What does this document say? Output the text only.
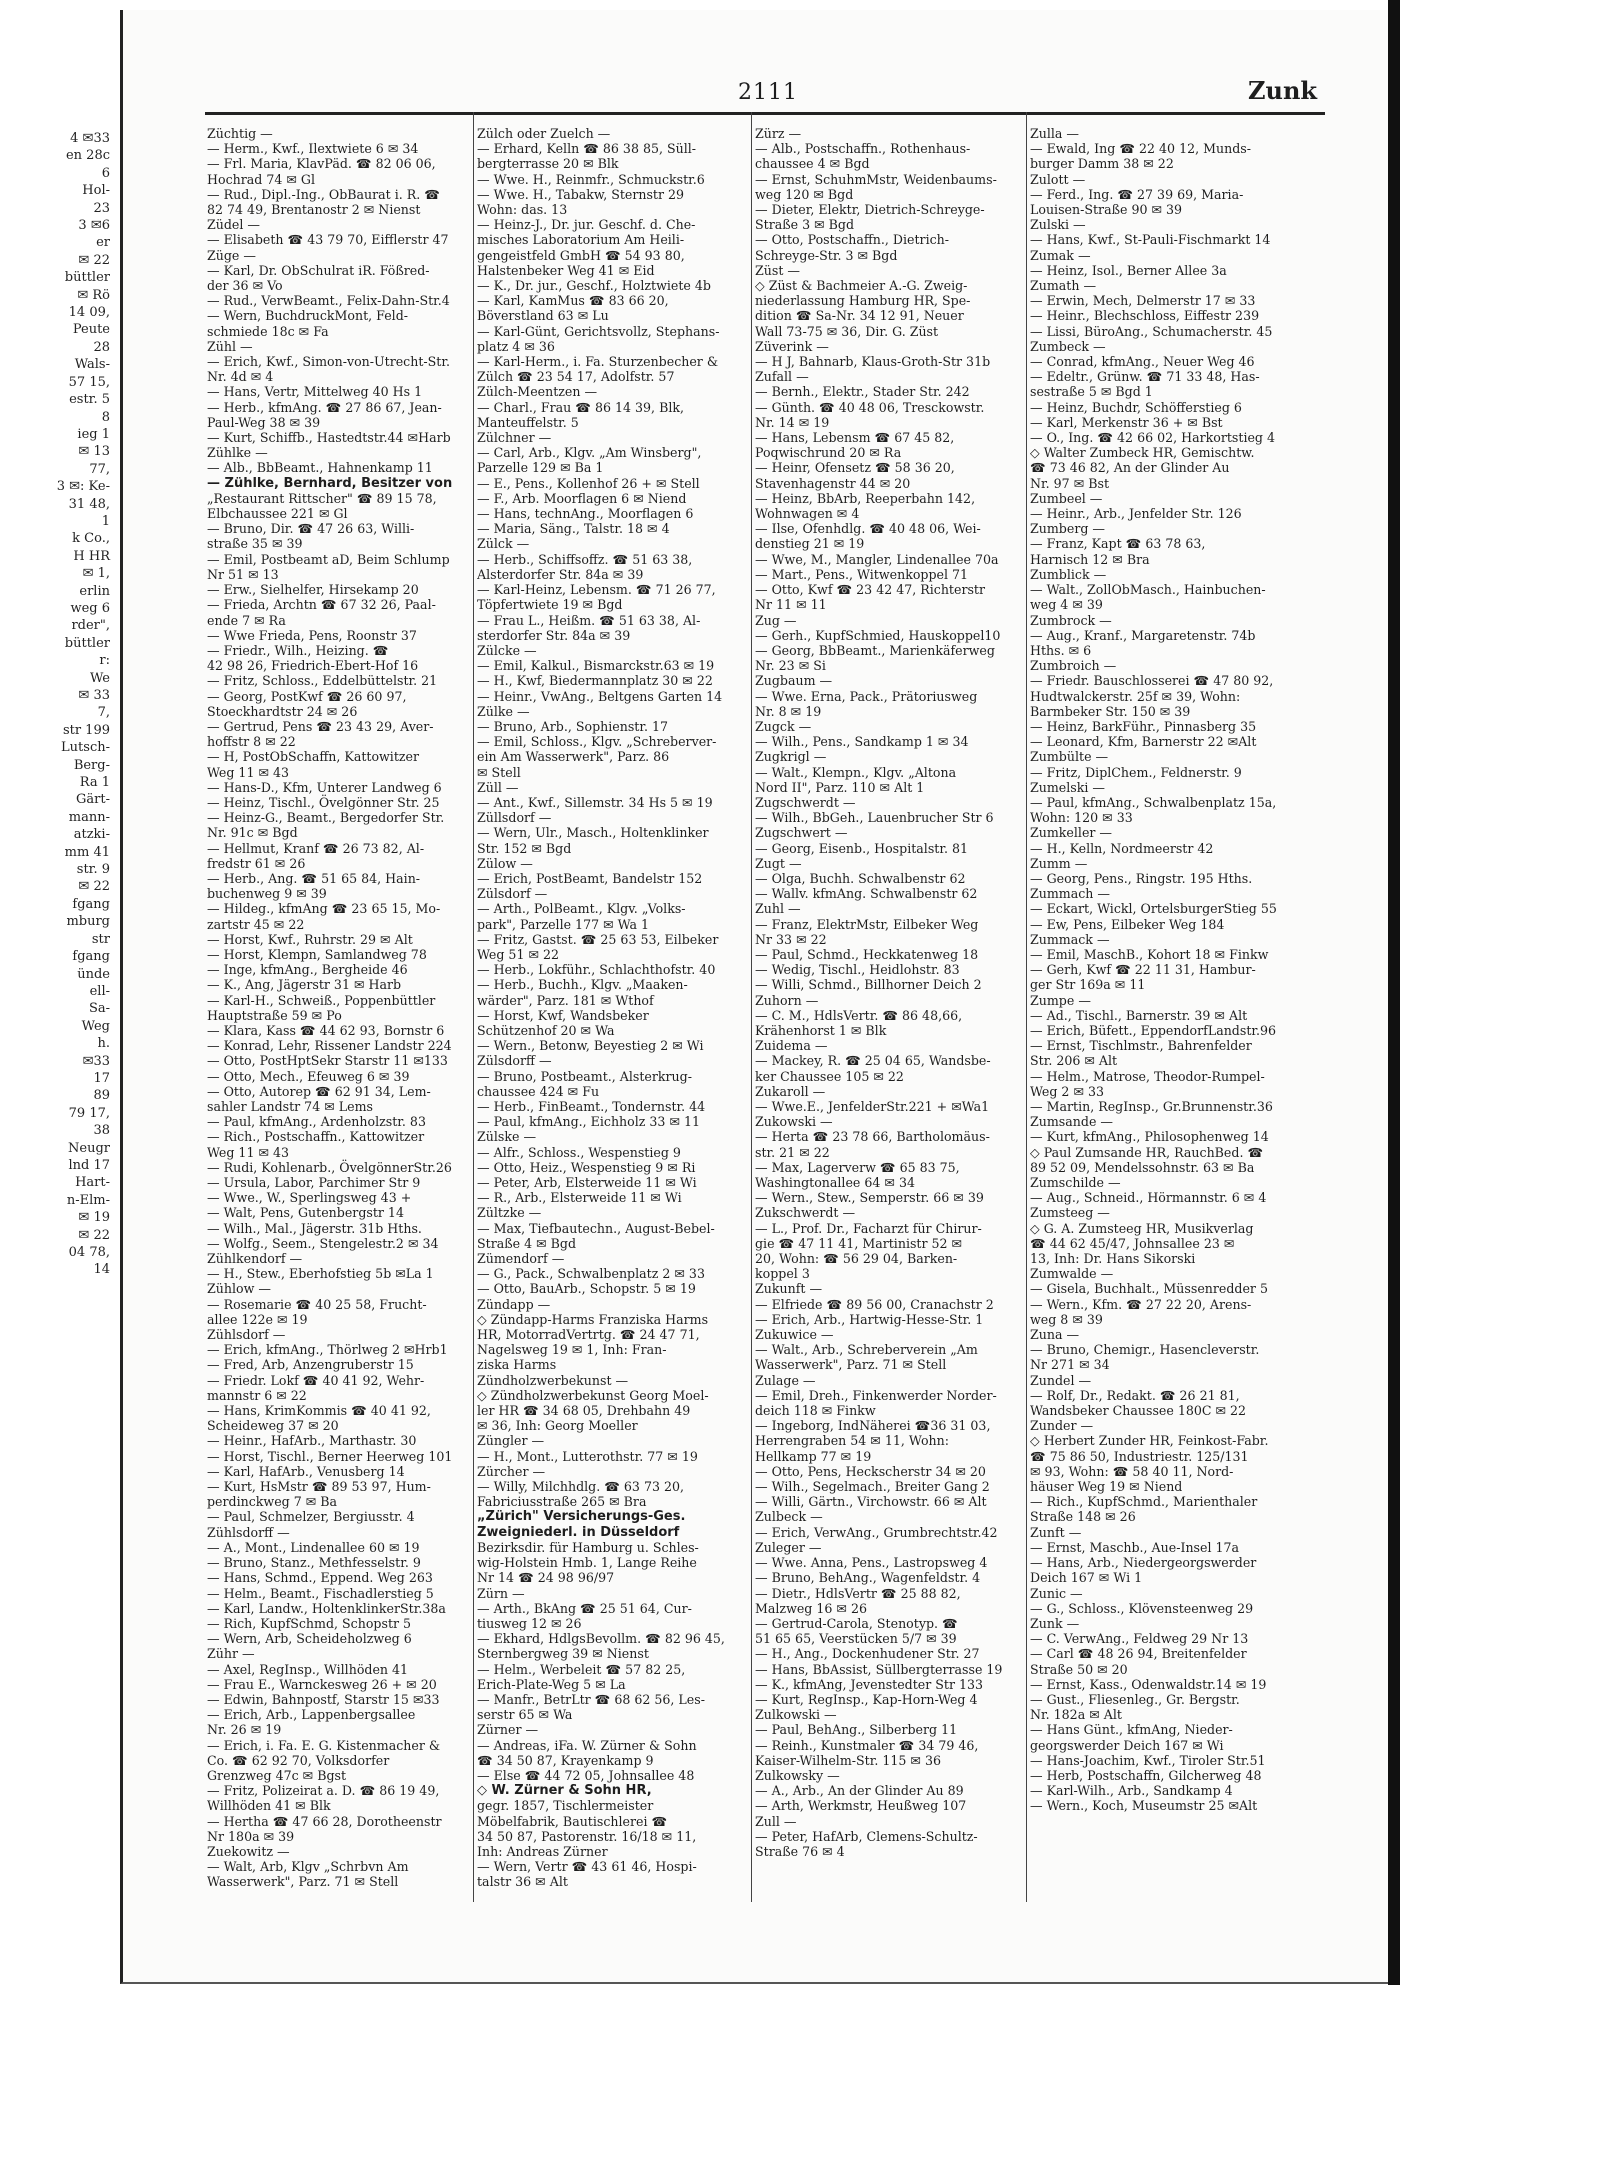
4 ✉33
en 28c
6
Hol-
23
3 ✉6
er
✉ 22
büttler
✉ Rö
14 09,
Peute
28
Wals-
57 15,
estr. 5
8
ieg 1
✉ 13
77,
3 ✉: Ke-
31 48,
1
k Co.,
H HR
✉ 1,
erlin
weg 6
rder",
büttler
r:
We
✉ 33
7,
str 199
Lutsch-
Berg-
Ra 1
Gärt-
mann-
atzki-
mm 41
str. 9
✉ 22
fgang
mburg
str
fgang
ünde
ell-
Sa-
Weg
h.
✉33
17
89
79 17,
38
Neugr
lnd 17
Hart-
n-Elm-
✉ 19
✉ 22
04 78,
14
2111	Zunk
Züchtig —
— Herm., Kwf., Ilextwiete 6 ✉ 34
— Frl. Maria, KlavPäd. ☎ 82 06 06,
Hochrad 74 ✉ Gl
— Rud., Dipl.-Ing., ObBaurat i. R. ☎
82 74 49, Brentanostr 2 ✉ Nienst
Züdel —
— Elisabeth ☎ 43 79 70, Eifflerstr 47
Züge —
— Karl, Dr. ObSchulrat iR. Fößred-
der 36 ✉ Vo
— Rud., VerwBeamt., Felix-Dahn-Str.4
— Wern, BuchdruckMont, Feld-
schmiede 18c ✉ Fa
Zühl —
— Erich, Kwf., Simon-von-Utrecht-Str.
Nr. 4d ✉ 4
— Hans, Vertr, Mittelweg 40 Hs 1
— Herb., kfmAng. ☎ 27 86 67, Jean-
Paul-Weg 38 ✉ 39
— Kurt, Schiffb., Hastedtstr.44 ✉Harb
Zühlke —
— Alb., BbBeamt., Hahnenkamp 11
— Zühlke, Bernhard, Besitzer von
„Restaurant Rittscher" ☎ 89 15 78,
Elbchaussee 221 ✉ Gl
— Bruno, Dir. ☎ 47 26 63, Willi-
straße 35 ✉ 39
— Emil, Postbeamt aD, Beim Schlump
Nr 51 ✉ 13
— Erw., Sielhelfer, Hirsekamp 20
— Frieda, Archtn ☎ 67 32 26, Paal-
ende 7 ✉ Ra
— Wwe Frieda, Pens, Roonstr 37
— Friedr., Wilh., Heizing. ☎
42 98 26, Friedrich-Ebert-Hof 16
— Fritz, Schloss., Eddelbüttelstr. 21
— Georg, PostKwf ☎ 26 60 97,
Stoeckhardtstr 24 ✉ 26
— Gertrud, Pens ☎ 23 43 29, Aver-
hoffstr 8 ✉ 22
— H, PostObSchaffn, Kattowitzer
Weg 11 ✉ 43
— Hans-D., Kfm, Unterer Landweg 6
— Heinz, Tischl., Övelgönner Str. 25
— Heinz-G., Beamt., Bergedorfer Str.
Nr. 91c ✉ Bgd
— Hellmut, Kranf ☎ 26 73 82, Al-
fredstr 61 ✉ 26
— Herb., Ang. ☎ 51 65 84, Hain-
buchenweg 9 ✉ 39
— Hildeg., kfmAng ☎ 23 65 15, Mo-
zartstr 45 ✉ 22
— Horst, Kwf., Ruhrstr. 29 ✉ Alt
— Horst, Klempn, Samlandweg 78
— Inge, kfmAng., Bergheide 46
— K., Ang, Jägerstr 31 ✉ Harb
— Karl-H., Schweiß., Poppenbüttler
Hauptstraße 59 ✉ Po
— Klara, Kass ☎ 44 62 93, Bornstr 6
— Konrad, Lehr, Rissener Landstr 224
— Otto, PostHptSekr Starstr 11 ✉133
— Otto, Mech., Efeuweg 6 ✉ 39
— Otto, Autorep ☎ 62 91 34, Lem-
sahler Landstr 74 ✉ Lems
— Paul, kfmAng., Ardenholzstr. 83
— Rich., Postschaffn., Kattowitzer
Weg 11 ✉ 43
— Rudi, Kohlenarb., ÖvelgönnerStr.26
— Ursula, Labor, Parchimer Str 9
— Wwe., W., Sperlingsweg 43 +
— Walt, Pens, Gutenbergstr 14
— Wilh., Mal., Jägerstr. 31b Hths.
— Wolfg., Seem., Stengelestr.2 ✉ 34
Zühlkendorf —
— H., Stew., Eberhofstieg 5b ✉La 1
Zühlow —
— Rosemarie ☎ 40 25 58, Frucht-
allee 122e ✉ 19
Zühlsdorf —
— Erich, kfmAng., Thörlweg 2 ✉Hrb1
— Fred, Arb, Anzengruberstr 15
— Friedr. Lokf ☎ 40 41 92, Wehr-
mannstr 6 ✉ 22
— Hans, KrimKommis ☎ 40 41 92,
Scheideweg 37 ✉ 20
— Heinr., HafArb., Marthastr. 30
— Horst, Tischl., Berner Heerweg 101
— Karl, HafArb., Venusberg 14
— Kurt, HsMstr ☎ 89 53 97, Hum-
perdinckweg 7 ✉ Ba
— Paul, Schmelzer, Bergiusstr. 4
Zühlsdorff —
— A., Mont., Lindenallee 60 ✉ 19
— Bruno, Stanz., Methfesselstr. 9
— Hans, Schmd., Eppend. Weg 263
— Helm., Beamt., Fischadlerstieg 5
— Karl, Landw., HoltenklinkerStr.38a
— Rich, KupfSchmd, Schopstr 5
— Wern, Arb, Scheideholzweg 6
Zühr —
— Axel, RegInsp., Willhöden 41
— Frau E., Warnckesweg 26 + ✉ 20
— Edwin, Bahnpostf, Starstr 15 ✉33
— Erich, Arb., Lappenbergsallee
Nr. 26 ✉ 19
— Erich, i. Fa. E. G. Kistenmacher &
Co. ☎ 62 92 70, Volksdorfer
Grenzweg 47c ✉ Bgst
— Fritz, Polizeirat a. D. ☎ 86 19 49,
Willhöden 41 ✉ Blk
— Hertha ☎ 47 66 28, Dorotheenstr
Nr 180a ✉ 39
Zuekowitz —
— Walt, Arb, Klgv „Schrbvn Am
Wasserwerk", Parz. 71 ✉ Stell
Zülch oder Zuelch —
— Erhard, Kelln ☎ 86 38 85, Süll-
bergterrasse 20 ✉ Blk
— Wwe. H., Reinmfr., Schmuckstr.6
— Wwe. H., Tabakw, Sternstr 29
Wohn: das. 13
— Heinz-J., Dr. jur. Geschf. d. Che-
misches Laboratorium Am Heili-
gengeistfeld GmbH ☎ 54 93 80,
Halstenbeker Weg 41 ✉ Eid
— K., Dr. jur., Geschf., Holztwiete 4b
— Karl, KamMus ☎ 83 66 20,
Böverstland 63 ✉ Lu
— Karl-Günt, Gerichtsvollz, Stephans-
platz 4 ✉ 36
— Karl-Herm., i. Fa. Sturzenbecher &
Zülch ☎ 23 54 17, Adolfstr. 57
Zülch-Meentzen —
— Charl., Frau ☎ 86 14 39, Blk,
Manteuffelstr. 5
Zülchner —
— Carl, Arb., Klgv. „Am Winsberg",
Parzelle 129 ✉ Ba 1
— E., Pens., Kollenhof 26 + ✉ Stell
— F., Arb. Moorflagen 6 ✉ Niend
— Hans, technAng., Moorflagen 6
— Maria, Säng., Talstr. 18 ✉ 4
Zülck —
— Herb., Schiffsoffz. ☎ 51 63 38,
Alsterdorfer Str. 84a ✉ 39
— Karl-Heinz, Lebensm. ☎ 71 26 77,
Töpfertwiete 19 ✉ Bgd
— Frau L., Heißm. ☎ 51 63 38, Al-
sterdorfer Str. 84a ✉ 39
Zülcke —
— Emil, Kalkul., Bismarckstr.63 ✉ 19
— H., Kwf, Biedermannplatz 30 ✉ 22
— Heinr., VwAng., Beltgens Garten 14
Zülke —
— Bruno, Arb., Sophienstr. 17
— Emil, Schloss., Klgv. „Schreberver-
ein Am Wasserwerk", Parz. 86
✉ Stell
Züll —
— Ant., Kwf., Sillemstr. 34 Hs 5 ✉ 19
Züllsdorf —
— Wern, Ulr., Masch., Holtenklinker
Str. 152 ✉ Bgd
Zülow —
— Erich, PostBeamt, Bandelstr 152
Zülsdorf —
— Arth., PolBeamt., Klgv. „Volks-
park", Parzelle 177 ✉ Wa 1
— Fritz, Gastst. ☎ 25 63 53, Eilbeker
Weg 51 ✉ 22
— Herb., Lokführ., Schlachthofstr. 40
— Herb., Buchh., Klgv. „Maaken-
wärder", Parz. 181 ✉ Wthof
— Horst, Kwf, Wandsbeker
Schützenhof 20 ✉ Wa
— Wern., Betonw, Beyestieg 2 ✉ Wi
Zülsdorff —
— Bruno, Postbeamt., Alsterkrug-
chaussee 424 ✉ Fu
— Herb., FinBeamt., Tondernstr. 44
— Paul, kfmAng., Eichholz 33 ✉ 11
Zülske —
— Alfr., Schloss., Wespenstieg 9
— Otto, Heiz., Wespenstieg 9 ✉ Ri
— Peter, Arb, Elsterweide 11 ✉ Wi
— R., Arb., Elsterweide 11 ✉ Wi
Zültzke —
— Max, Tiefbautechn., August-Bebel-
Straße 4 ✉ Bgd
Zümendorf —
— G., Pack., Schwalbenplatz 2 ✉ 33
— Otto, BauArb., Schopstr. 5 ✉ 19
Zündapp —
◇ Zündapp-Harms Franziska Harms
HR, MotorradVertrtg. ☎ 24 47 71,
Nagelsweg 19 ✉ 1, Inh: Fran-
ziska Harms
Zündholzwerbekunst —
◇ Zündholzwerbekunst Georg Moel-
ler HR ☎ 34 68 05, Drehbahn 49
✉ 36, Inh: Georg Moeller
Züngler —
— H., Mont., Lutterothstr. 77 ✉ 19
Zürcher —
— Willy, Milchhdlg. ☎ 63 73 20,
Fabriciusstraße 265 ✉ Bra
„Zürich" Versicherungs-Ges.
Zweigniederl. in Düsseldorf
Bezirksdir. für Hamburg u. Schles-
wig-Holstein Hmb. 1, Lange Reihe
Nr 14 ☎ 24 98 96/97
Zürn —
— Arth., BkAng ☎ 25 51 64, Cur-
tiusweg 12 ✉ 26
— Ekhard, HdlgsBevollm. ☎ 82 96 45,
Sternbergweg 39 ✉ Nienst
— Helm., Werbeleit ☎ 57 82 25,
Erich-Plate-Weg 5 ✉ La
— Manfr., BetrLtr ☎ 68 62 56, Les-
serstr 65 ✉ Wa
Zürner —
— Andreas, iFa. W. Zürner & Sohn
☎ 34 50 87, Krayenkamp 9
— Else ☎ 44 72 05, Johnsallee 48
◇ W. Zürner & Sohn HR,
gegr. 1857, Tischlermeister
Möbelfabrik, Bautischlerei ☎
34 50 87, Pastorenstr. 16/18 ✉ 11,
Inh: Andreas Zürner
— Wern, Vertr ☎ 43 61 46, Hospi-
talstr 36 ✉ Alt
Zürz —
— Alb., Postschaffn., Rothenhaus-
chaussee 4 ✉ Bgd
— Ernst, SchuhmMstr, Weidenbaums-
weg 120 ✉ Bgd
— Dieter, Elektr, Dietrich-Schreyge-
Straße 3 ✉ Bgd
— Otto, Postschaffn., Dietrich-
Schreyge-Str. 3 ✉ Bgd
Züst —
◇ Züst & Bachmeier A.-G. Zweig-
niederlassung Hamburg HR, Spe-
dition ☎ Sa-Nr. 34 12 91, Neuer
Wall 73-75 ✉ 36, Dir. G. Züst
Züverink —
— H J, Bahnarb, Klaus-Groth-Str 31b
Zufall —
— Bernh., Elektr., Stader Str. 242
— Günth. ☎ 40 48 06, Tresckowstr.
Nr. 14 ✉ 19
— Hans, Lebensm ☎ 67 45 82,
Poqwischrund 20 ✉ Ra
— Heinr, Ofensetz ☎ 58 36 20,
Stavenhagenstr 44 ✉ 20
— Heinz, BbArb, Reeperbahn 142,
Wohnwagen ✉ 4
— Ilse, Ofenhdlg. ☎ 40 48 06, Wei-
denstieg 21 ✉ 19
— Wwe, M., Mangler, Lindenallee 70a
— Mart., Pens., Witwenkoppel 71
— Otto, Kwf ☎ 23 42 47, Richterstr
Nr 11 ✉ 11
Zug —
— Gerh., KupfSchmied, Hauskoppel10
— Georg, BbBeamt., Marienkäferweg
Nr. 23 ✉ Si
Zugbaum —
— Wwe. Erna, Pack., Prätoriusweg
Nr. 8 ✉ 19
Zugck —
— Wilh., Pens., Sandkamp 1 ✉ 34
Zugkrigl —
— Walt., Klempn., Klgv. „Altona
Nord II", Parz. 110 ✉ Alt 1
Zugschwerdt —
— Wilh., BbGeh., Lauenbrucher Str 6
Zugschwert —
— Georg, Eisenb., Hospitalstr. 81
Zugt —
— Olga, Buchh. Schwalbenstr 62
— Wallv. kfmAng. Schwalbenstr 62
Zuhl —
— Franz, ElektrMstr, Eilbeker Weg
Nr 33 ✉ 22
— Paul, Schmd., Heckkatenweg 18
— Wedig, Tischl., Heidlohstr. 83
— Willi, Schmd., Billhorner Deich 2
Zuhorn —
— C. M., HdlsVertr. ☎ 86 48,66,
Krähenhorst 1 ✉ Blk
Zuidema —
— Mackey, R. ☎ 25 04 65, Wandsbe-
ker Chaussee 105 ✉ 22
Zukaroll —
— Wwe.E., JenfelderStr.221 + ✉Wa1
Zukowski —
— Herta ☎ 23 78 66, Bartholomäus-
str. 21 ✉ 22
— Max, Lagerverw ☎ 65 83 75,
Washingtonallee 64 ✉ 34
— Wern., Stew., Semperstr. 66 ✉ 39
Zukschwerdt —
— L., Prof. Dr., Facharzt für Chirur-
gie ☎ 47 11 41, Martinistr 52 ✉
20, Wohn: ☎ 56 29 04, Barken-
koppel 3
Zukunft —
— Elfriede ☎ 89 56 00, Cranachstr 2
— Erich, Arb., Hartwig-Hesse-Str. 1
Zukuwice —
— Walt., Arb., Schreberverein „Am
Wasserwerk", Parz. 71 ✉ Stell
Zulage —
— Emil, Dreh., Finkenwerder Norder-
deich 118 ✉ Finkw
— Ingeborg, IndNäherei ☎36 31 03,
Herrengraben 54 ✉ 11, Wohn:
Hellkamp 77 ✉ 19
— Otto, Pens, Heckscherstr 34 ✉ 20
— Wilh., Segelmach., Breiter Gang 2
— Willi, Gärtn., Virchowstr. 66 ✉ Alt
Zulbeck —
— Erich, VerwAng., Grumbrechtstr.42
Zuleger —
— Wwe. Anna, Pens., Lastropsweg 4
— Bruno, BehAng., Wagenfeldstr. 4
— Dietr., HdlsVertr ☎ 25 88 82,
Malzweg 16 ✉ 26
— Gertrud-Carola, Stenotyp. ☎
51 65 65, Veerstücken 5/7 ✉ 39
— H., Ang., Dockenhudener Str. 27
— Hans, BbAssist, Süllbergterrasse 19
— K., kfmAng, Jevenstedter Str 133
— Kurt, RegInsp., Kap-Horn-Weg 4
Zulkowski —
— Paul, BehAng., Silberberg 11
— Reinh., Kunstmaler ☎ 34 79 46,
Kaiser-Wilhelm-Str. 115 ✉ 36
Zulkowsky —
— A., Arb., An der Glinder Au 89
— Arth, Werkmstr, Heußweg 107
Zull —
— Peter, HafArb, Clemens-Schultz-
Straße 76 ✉ 4
Zulla —
— Ewald, Ing ☎ 22 40 12, Munds-
burger Damm 38 ✉ 22
Zulott —
— Ferd., Ing. ☎ 27 39 69, Maria-
Louisen-Straße 90 ✉ 39
Zulski —
— Hans, Kwf., St-Pauli-Fischmarkt 14
Zumak —
— Heinz, Isol., Berner Allee 3a
Zumath —
— Erwin, Mech, Delmerstr 17 ✉ 33
— Heinr., Blechschloss, Eiffestr 239
— Lissi, BüroAng., Schumacherstr. 45
Zumbeck —
— Conrad, kfmAng., Neuer Weg 46
— Edeltr., Grünw. ☎ 71 33 48, Has-
sestraße 5 ✉ Bgd 1
— Heinz, Buchdr, Schöfferstieg 6
— Karl, Merkenstr 36 + ✉ Bst
— O., Ing. ☎ 42 66 02, Harkortstieg 4
◇ Walter Zumbeck HR, Gemischtw.
☎ 73 46 82, An der Glinder Au
Nr. 97 ✉ Bst
Zumbeel —
— Heinr., Arb., Jenfelder Str. 126
Zumberg —
— Franz, Kapt ☎ 63 78 63,
Harnisch 12 ✉ Bra
Zumblick —
— Walt., ZollObMasch., Hainbuchen-
weg 4 ✉ 39
Zumbrock —
— Aug., Kranf., Margaretenstr. 74b
Hths. ✉ 6
Zumbroich —
— Friedr. Bauschlosserei ☎ 47 80 92,
Hudtwalckerstr. 25f ✉ 39, Wohn:
Barmbeker Str. 150 ✉ 39
— Heinz, BarkFühr., Pinnasberg 35
— Leonard, Kfm, Barnerstr 22 ✉Alt
Zumbülte —
— Fritz, DiplChem., Feldnerstr. 9
Zumelski —
— Paul, kfmAng., Schwalbenplatz 15a,
Wohn: 120 ✉ 33
Zumkeller —
— H., Kelln, Nordmeerstr 42
Zumm —
— Georg, Pens., Ringstr. 195 Hths.
Zummach —
— Eckart, Wickl, OrtelsburgerStieg 55
— Ew, Pens, Eilbeker Weg 184
Zummack —
— Emil, MaschB., Kohort 18 ✉ Finkw
— Gerh, Kwf ☎ 22 11 31, Hambur-
ger Str 169a ✉ 11
Zumpe —
— Ad., Tischl., Barnerstr. 39 ✉ Alt
— Erich, Büfett., EppendorfLandstr.96
— Ernst, Tischlmstr., Bahrenfelder
Str. 206 ✉ Alt
— Helm., Matrose, Theodor-Rumpel-
Weg 2 ✉ 33
— Martin, RegInsp., Gr.Brunnenstr.36
Zumsande —
— Kurt, kfmAng., Philosophenweg 14
◇ Paul Zumsande HR, RauchBed. ☎
89 52 09, Mendelssohnstr. 63 ✉ Ba
Zumschilde —
— Aug., Schneid., Hörmannstr. 6 ✉ 4
Zumsteeg —
◇ G. A. Zumsteeg HR, Musikverlag
☎ 44 62 45/47, Johnsallee 23 ✉
13, Inh: Dr. Hans Sikorski
Zumwalde —
— Gisela, Buchhalt., Müssenredder 5
— Wern., Kfm. ☎ 27 22 20, Arens-
weg 8 ✉ 39
Zuna —
— Bruno, Chemigr., Hasencleverstr.
Nr 271 ✉ 34
Zundel —
— Rolf, Dr., Redakt. ☎ 26 21 81,
Wandsbeker Chaussee 180C ✉ 22
Zunder —
◇ Herbert Zunder HR, Feinkost-Fabr.
☎ 75 86 50, Industriestr. 125/131
✉ 93, Wohn: ☎ 58 40 11, Nord-
häuser Weg 19 ✉ Niend
— Rich., KupfSchmd., Marienthaler
Straße 148 ✉ 26
Zunft —
— Ernst, Maschb., Aue-Insel 17a
— Hans, Arb., Niedergeorgswerder
Deich 167 ✉ Wi 1
Zunic —
— G., Schloss., Klövensteenweg 29
Zunk —
— C. VerwAng., Feldweg 29 Nr 13
— Carl ☎ 48 26 94, Breitenfelder
Straße 50 ✉ 20
— Ernst, Kass., Odenwaldstr.14 ✉ 19
— Gust., Fliesenleg., Gr. Bergstr.
Nr. 182a ✉ Alt
— Hans Günt., kfmAng, Nieder-
georgswerder Deich 167 ✉ Wi
— Hans-Joachim, Kwf., Tiroler Str.51
— Herb, Postschaffn, Gilcherweg 48
— Karl-Wilh., Arb., Sandkamp 4
— Wern., Koch, Museumstr 25 ✉Alt
